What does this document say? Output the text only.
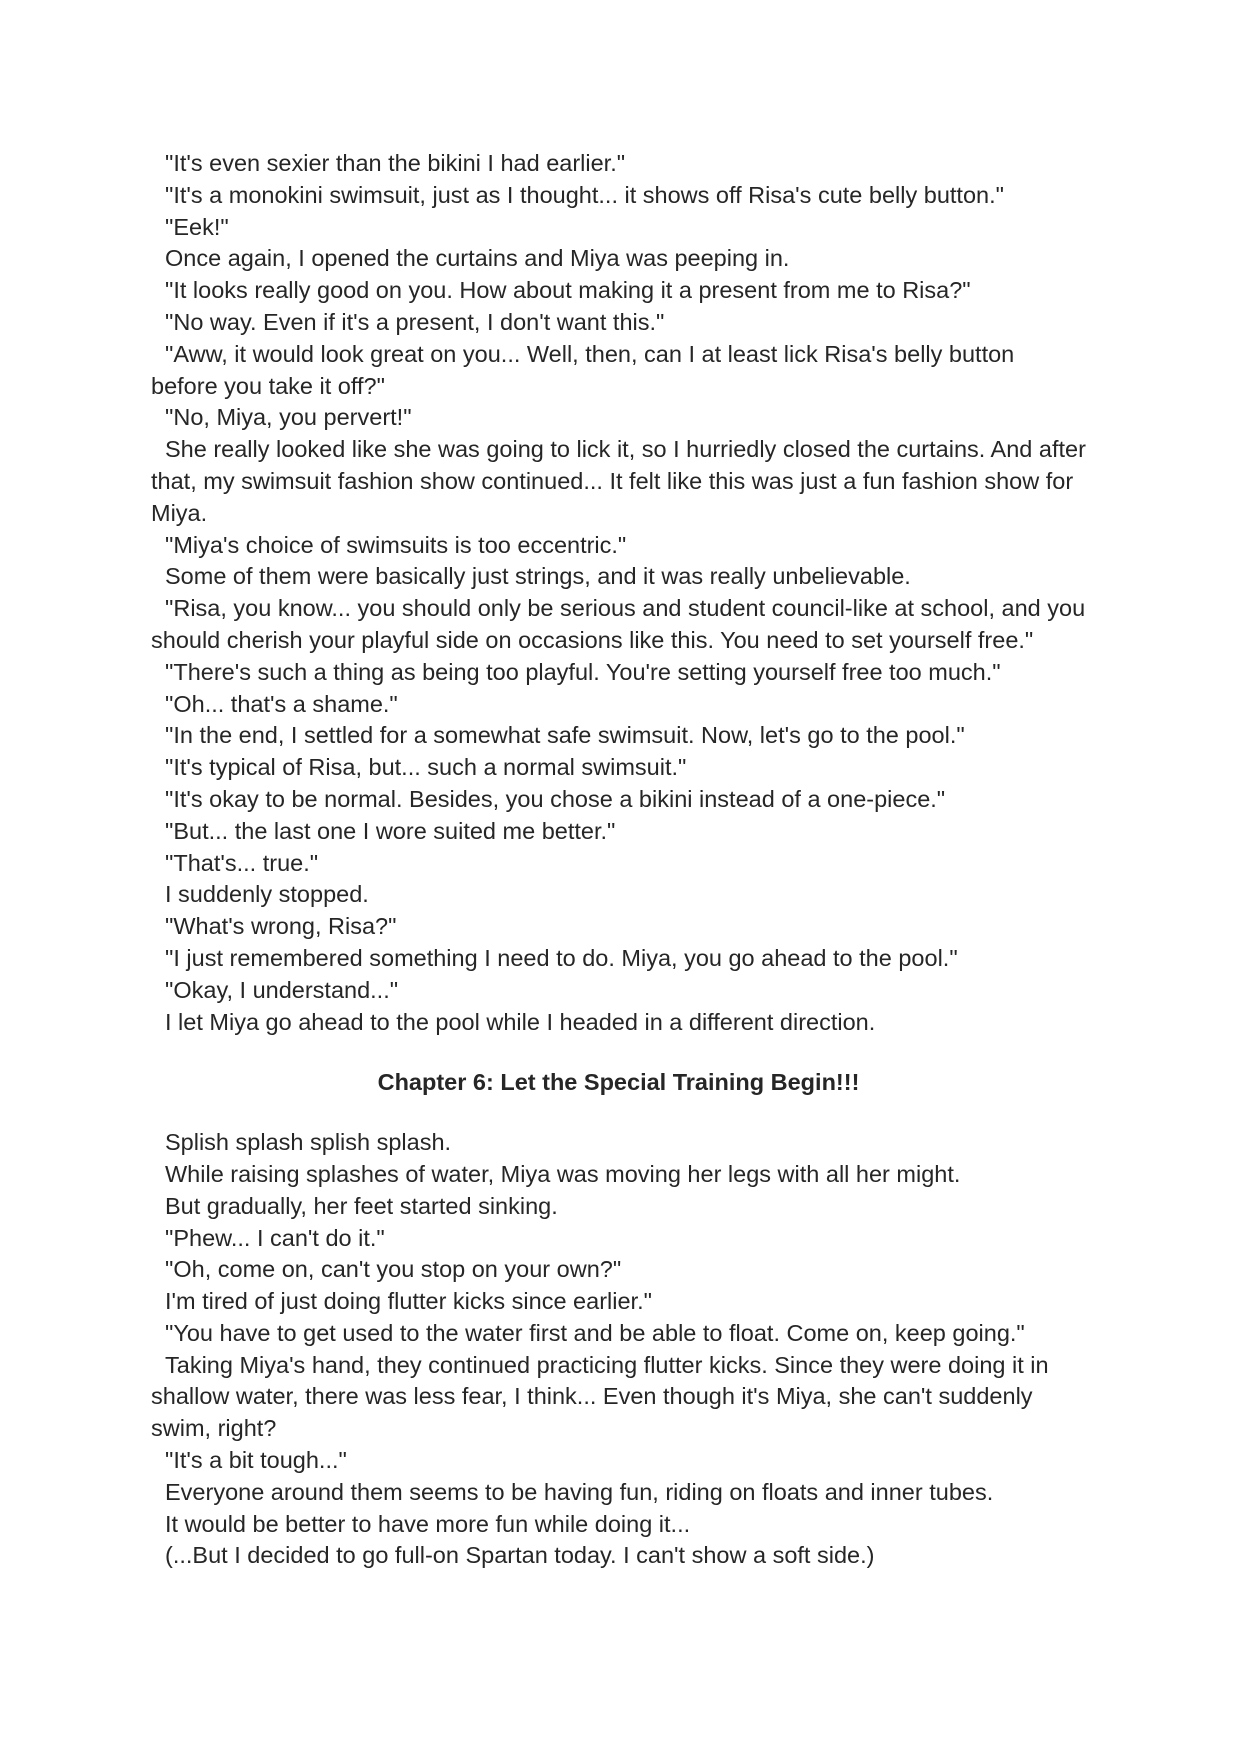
"It's even sexier than the bikini I had earlier."

"It's a monokini swimsuit, just as I thought... it shows off Risa's cute belly button."

"Eek!"

Once again, I opened the curtains and Miya was peeping in.

"It looks really good on you. How about making it a present from me to Risa?"

"No way. Even if it's a present, I don't want this."

"Aww, it would look great on you... Well, then, can I at least lick Risa's belly button before you take it off?"

"No, Miya, you pervert!"

She really looked like she was going to lick it, so I hurriedly closed the curtains. And after that, my swimsuit fashion show continued... It felt like this was just a fun fashion show for Miya.

"Miya's choice of swimsuits is too eccentric."

Some of them were basically just strings, and it was really unbelievable.

"Risa, you know... you should only be serious and student council-like at school, and you should cherish your playful side on occasions like this. You need to set yourself free."

"There's such a thing as being too playful. You're setting yourself free too much."

"Oh... that's a shame."

"In the end, I settled for a somewhat safe swimsuit. Now, let's go to the pool."

"It's typical of Risa, but... such a normal swimsuit."

"It's okay to be normal. Besides, you chose a bikini instead of a one-piece."

"But... the last one I wore suited me better."

"That's... true."

I suddenly stopped.

"What's wrong, Risa?"

"I just remembered something I need to do. Miya, you go ahead to the pool."

"Okay, I understand..."

I let Miya go ahead to the pool while I headed in a different direction.

Chapter 6: Let the Special Training Begin!!!

Splish splash splish splash.

While raising splashes of water, Miya was moving her legs with all her might.

But gradually, her feet started sinking.

"Phew... I can't do it."

"Oh, come on, can't you stop on your own?"

I'm tired of just doing flutter kicks since earlier."

"You have to get used to the water first and be able to float. Come on, keep going."

Taking Miya's hand, they continued practicing flutter kicks. Since they were doing it in shallow water, there was less fear, I think... Even though it's Miya, she can't suddenly swim, right?

"It's a bit tough..."

Everyone around them seems to be having fun, riding on floats and inner tubes.

It would be better to have more fun while doing it...

(...But I decided to go full-on Spartan today. I can't show a soft side.)
